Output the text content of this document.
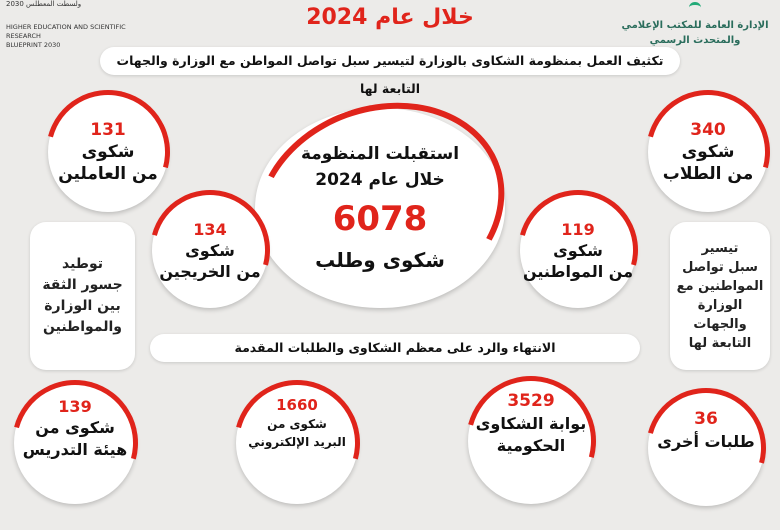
2030 ولسطت المعطلس
HIGHER EDUCATION AND SCIENTIFIC RESEARCH
BLUEPRINT 2030
الإدارة العامة للمكتب الإعلامي
والمتحدث الرسمي
خلال عام 2024
تكثيف العمل بمنظومة الشكاوى بالوزارة لتيسير سبل تواصل المواطن مع الوزارة والجهات التابعة لها
استقبلت المنظومة
خلال عام 2024
6078
شكوى وطلب
340
شكوى
من الطلاب
131
شكوى
من العاملين
134
شكوى
من الخريجين
119
شكوى
من المواطنين
توطيد
جسور الثقة
بين الوزارة
والمواطنين
تيسير
سبل تواصل
المواطنين مع
الوزارة
والجهات
التابعة لها
الانتهاء والرد على معظم الشكاوى والطلبات المقدمة
139
شكوى من
هيئة التدريس
1660
شكوى من
البريد الإلكتروني
3529
بوابة الشكاوى
الحكومية
36
طلبات أخرى
